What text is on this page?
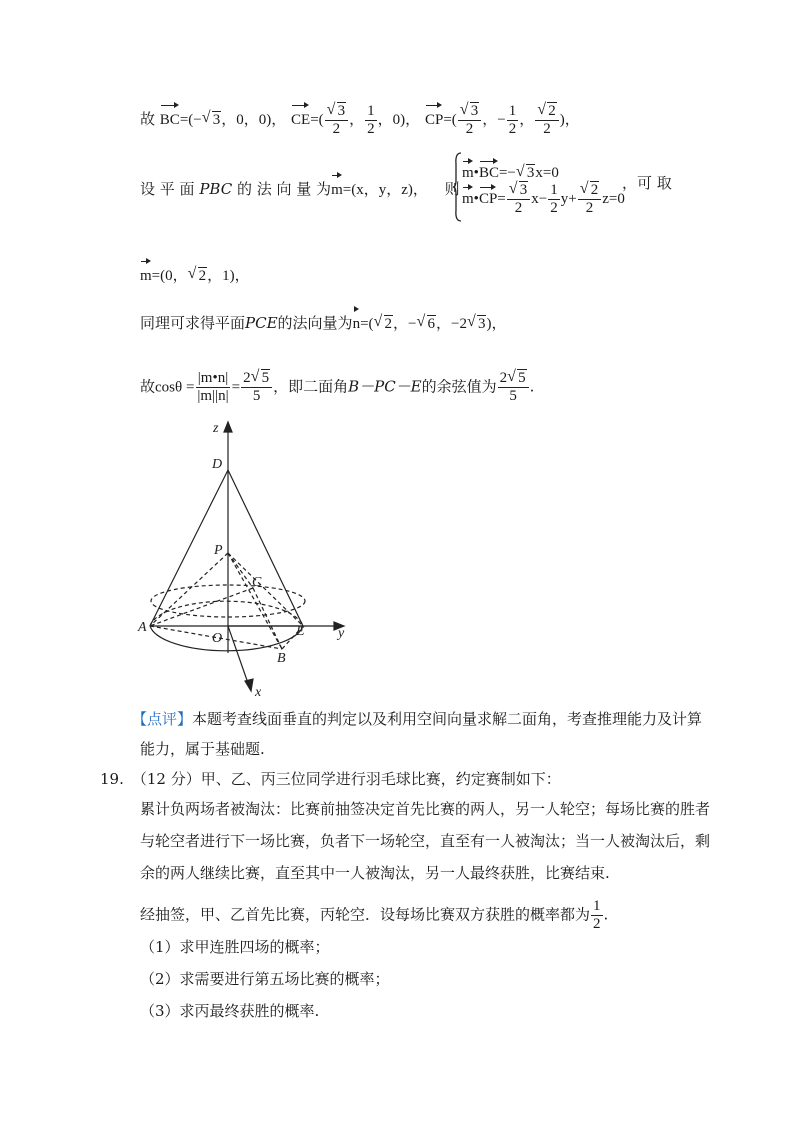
故 BC=(− √ 3，0，0)， $CE=( \frac{√ 3}{2}$ ， $\frac{1}{2}$ ，0)， $CP=( \frac{√ 3}{2}$ ，− $\frac{1}{2}$ ， $\frac{√ 2}{2}$ )，
设 平 面 PBC 的 法 向 量 为m=(x，y，z)， 则
m•BC=− √ 3x=0
m•CP= $\frac{√ 3}{2} x- \frac{1}{2} y+ \frac{√ 2}{2} z=0$
，可 取
m=(0， √ 2，1)，
同理可求得平面PCE的法向量为n=( √ 2，− √ 6，−2 √ 3)，
故$\cos\theta = \frac{|m•n|}{|m||n|} = \frac{2 √ 5}{5}$ ，即二面角B－PC－E的余弦值为 $\frac{2 √ 5}{5}$ .
z
D
P
C
A
O	E y
B
x
【点评】本题考查线面垂直的判定以及利用空间向量求解二面角，考查推理能力及计算
能力，属于基础题.
19. （12 分）甲、乙、丙三位同学进行羽毛球比赛，约定赛制如下：
累计负两场者被淘汰：比赛前抽签决定首先比赛的两人，另一人轮空；每场比赛的胜者
与轮空者进行下一场比赛，负者下一场轮空，直至有一人被淘汰；当一人被淘汰后，剩
余的两人继续比赛，直至其中一人被淘汰，另一人最终获胜，比赛结束.
经抽签，甲、乙首先比赛，丙轮空．设每场比赛双方获胜的概率都为 $\frac{1}{2}$ .
（1）求甲连胜四场的概率；
（2）求需要进行第五场比赛的概率；
（3）求丙最终获胜的概率.
